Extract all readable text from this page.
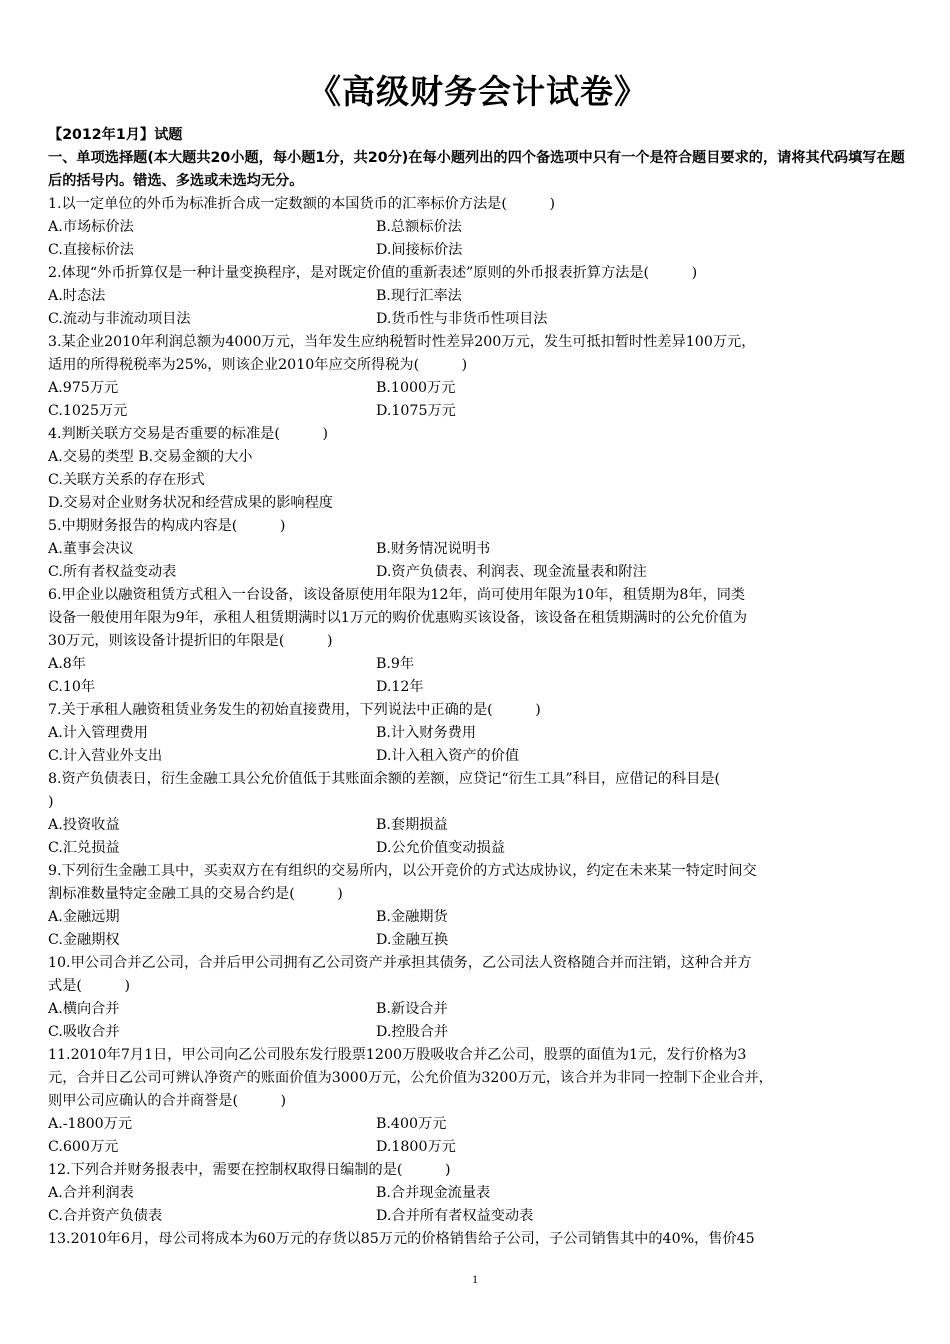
《高级财务会计试卷》
【2012年1月】试题
一、单项选择题(本大题共20小题，每小题1分，共20分)在每小题列出的四个备选项中只有一个是符合题目要求的，请将其代码填写在题后的括号内。错选、多选或未选均无分。
1.以一定单位的外币为标准折合成一定数额的本国货币的汇率标价方法是(　　　)
A.市场标价法	B.总额标价法
C.直接标价法	D.间接标价法
2.体现“外币折算仅是一种计量变换程序，是对既定价值的重新表述”原则的外币报表折算方法是(　　　)
A.时态法	B.现行汇率法
C.流动与非流动项目法	D.货币性与非货币性项目法
3.某企业2010年利润总额为4000万元，当年发生应纳税暂时性差异200万元，发生可抵扣暂时性差异100万元，
适用的所得税税率为25%，则该企业2010年应交所得税为(　　　)
A.975万元	B.1000万元
C.1025万元	D.1075万元
4.判断关联方交易是否重要的标准是(　　　)
A.交易的类型 B.交易金额的大小
C.关联方关系的存在形式
D.交易对企业财务状况和经营成果的影响程度
5.中期财务报告的构成内容是(　　　)
A.董事会决议	B.财务情况说明书
C.所有者权益变动表	D.资产负债表、利润表、现金流量表和附注
6.甲企业以融资租赁方式租入一台设备，该设备原使用年限为12年，尚可使用年限为10年，租赁期为8年，同类
设备一般使用年限为9年，承租人租赁期满时以1万元的购价优惠购买该设备，该设备在租赁期满时的公允价值为
30万元，则该设备计提折旧的年限是(　　　)
A.8年	B.9年
C.10年	D.12年
7.关于承租人融资租赁业务发生的初始直接费用，下列说法中正确的是(　　　)
A.计入管理费用	B.计入财务费用
C.计入营业外支出	D.计入租入资产的价值
8.资产负债表日，衍生金融工具公允价值低于其账面余额的差额，应贷记“衍生工具”科目，应借记的科目是(
)
A.投资收益	B.套期损益
C.汇兑损益	D.公允价值变动损益
9.下列衍生金融工具中，买卖双方在有组织的交易所内，以公开竞价的方式达成协议，约定在未来某一特定时间交
割标准数量特定金融工具的交易合约是(　　　)
A.金融远期	B.金融期货
C.金融期权	D.金融互换
10.甲公司合并乙公司，合并后甲公司拥有乙公司资产并承担其债务，乙公司法人资格随合并而注销，这种合并方
式是(　　　)
A.横向合并	B.新设合并
C.吸收合并	D.控股合并
11.2010年7月1日，甲公司向乙公司股东发行股票1200万股吸收合并乙公司，股票的面值为1元，发行价格为3
元，合并日乙公司可辨认净资产的账面价值为3000万元，公允价值为3200万元，该合并为非同一控制下企业合并，
则甲公司应确认的合并商誉是(　　　)
A.-1800万元	B.400万元
C.600万元	D.1800万元
12.下列合并财务报表中，需要在控制权取得日编制的是(　　　)
A.合并利润表	B.合并现金流量表
C.合并资产负债表	D.合并所有者权益变动表
13.2010年6月，母公司将成本为60万元的存货以85万元的价格销售给子公司，子公司销售其中的40%，售价45
1
